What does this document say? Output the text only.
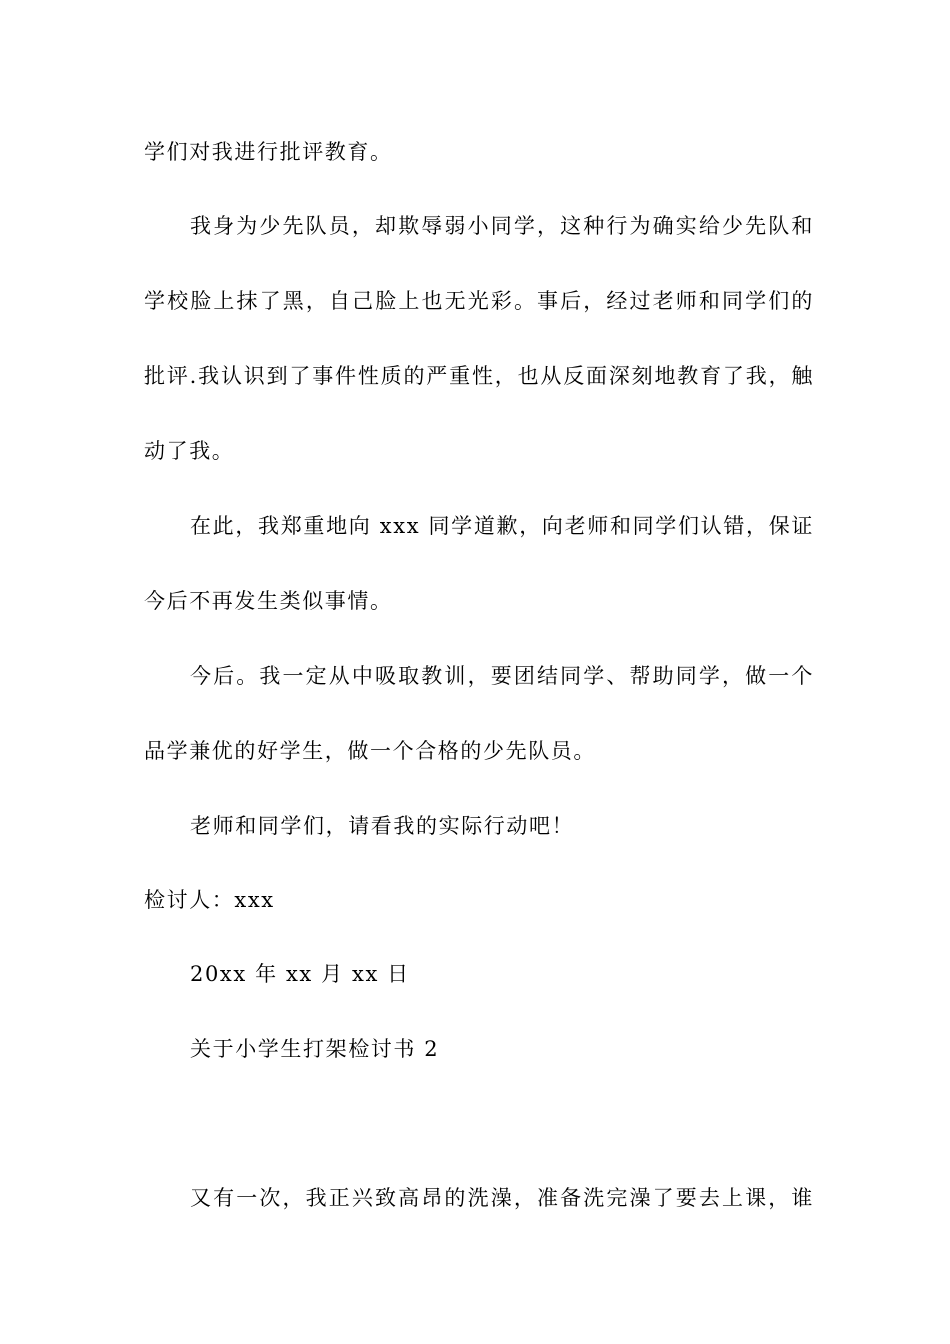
学们对我进行批评教育。
我身为少先队员，却欺辱弱小同学，这种行为确实给少先队和
学校脸上抹了黑，自己脸上也无光彩。事后，经过老师和同学们的
批评.我认识到了事件性质的严重性，也从反面深刻地教育了我，触
动了我。
在此，我郑重地向 xxx 同学道歉，向老师和同学们认错，保证
今后不再发生类似事情。
今后。我一定从中吸取教训，要团结同学、帮助同学，做一个
品学兼优的好学生，做一个合格的少先队员。
老师和同学们，请看我的实际行动吧！
检讨人：xxx
20xx 年 xx 月 xx 日
关于小学生打架检讨书 2
又有一次，我正兴致高昂的洗澡，准备洗完澡了要去上课，谁
